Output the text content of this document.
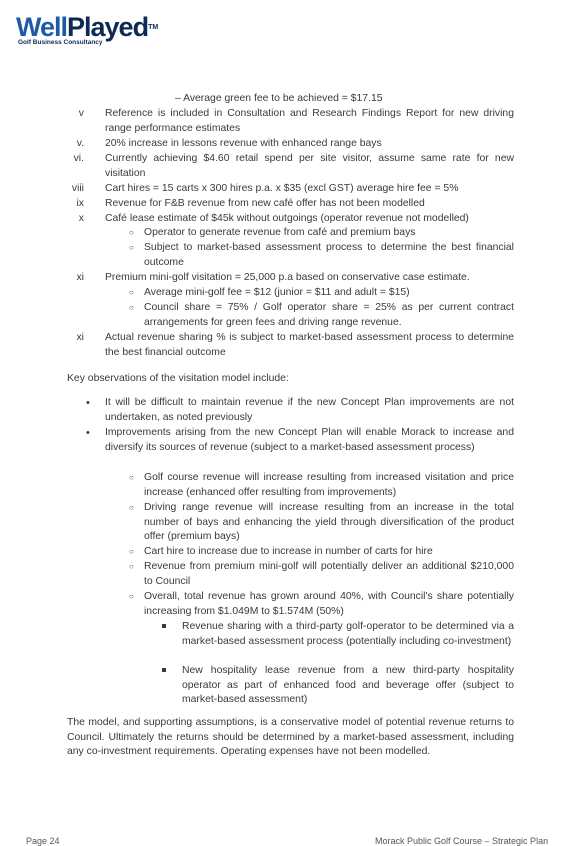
WellPlayed™
Golf Business Consultancy
– Average green fee to be achieved = $17.15
v Reference is included in Consultation and Research Findings Report for new driving range performance estimates
v. 20% increase in lessons revenue with enhanced range bays
vi. Currently achieving $4.60 retail spend per site visitor, assume same rate for new visitation
viii Cart hires = 15 carts x 300 hires p.a. x $35 (excl GST) average hire fee = 5%
ix Revenue for F&B revenue from new café offer has not been modelled
x Café lease estimate of $45k without outgoings (operator revenue not modelled)
○ Operator to generate revenue from café and premium bays
○ Subject to market-based assessment process to determine the best financial outcome
xi Premium mini-golf visitation = 25,000 p.a based on conservative case estimate.
○ Average mini-golf fee = $12 (junior = $11 and adult = $15)
○ Council share = 75% / Golf operator share = 25% as per current contract arrangements for green fees and driving range revenue.
xi Actual revenue sharing % is subject to market-based assessment process to determine the best financial outcome
Key observations of the visitation model include:
• It will be difficult to maintain revenue if the new Concept Plan improvements are not undertaken, as noted previously
• Improvements arising from the new Concept Plan will enable Morack to increase and diversify its sources of revenue (subject to a market-based assessment process)
○ Golf course revenue will increase resulting from increased visitation and price increase (enhanced offer resulting from improvements)
○ Driving range revenue will increase resulting from an increase in the total number of bays and enhancing the yield through diversification of the product offer (premium bays)
○ Cart hire to increase due to increase in number of carts for hire
○ Revenue from premium mini-golf will potentially deliver an additional $210,000 to Council
○ Overall, total revenue has grown around 40%, with Council's share potentially increasing from $1.049M to $1.574M (50%)
Revenue sharing with a third-party golf-operator to be determined via a market-based assessment process (potentially including co-investment)
New hospitality lease revenue from a new third-party hospitality operator as part of enhanced food and beverage offer (subject to market-based assessment)
The model, and supporting assumptions, is a conservative model of potential revenue returns to Council. Ultimately the returns should be determined by a market-based assessment, including any co-investment requirements. Operating expenses have not been modelled.
Page 24	Morack Public Golf Course – Strategic Plan
